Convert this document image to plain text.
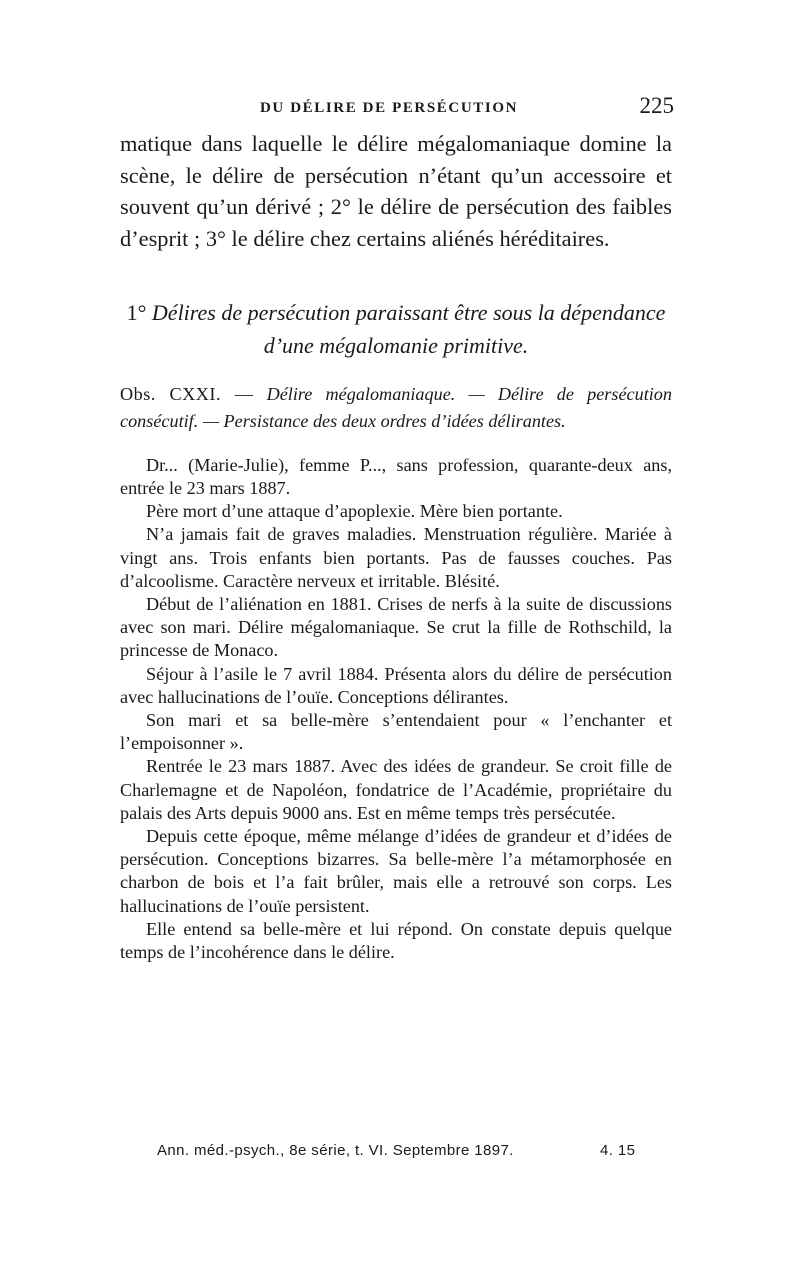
DU DÉLIRE DE PERSÉCUTION	225

matique dans laquelle le délire mégalomaniaque domine la scène, le délire de persécution n’étant qu’un accessoire et souvent qu’un dérivé ; 2° le délire de persécution des faibles d’esprit ; 3° le délire chez certains aliénés héréditaires.

1° Délires de persécution paraissant être sous la dépendance d’une mégalomanie primitive.

Obs. CXXI. — Délire mégalomaniaque. — Délire de persécution consécutif. — Persistance des deux ordres d’idées délirantes.

Dr... (Marie-Julie), femme P..., sans profession, quarante-deux ans, entrée le 23 mars 1887.

Père mort d’une attaque d’apoplexie. Mère bien portante.

N’a jamais fait de graves maladies. Menstruation régulière. Mariée à vingt ans. Trois enfants bien portants. Pas de fausses couches. Pas d’alcoolisme. Caractère nerveux et irritable. Blésité.

Début de l’aliénation en 1881. Crises de nerfs à la suite de discussions avec son mari. Délire mégalomaniaque. Se crut la fille de Rothschild, la princesse de Monaco.

Séjour à l’asile le 7 avril 1884. Présenta alors du délire de persécution avec hallucinations de l’ouïe. Conceptions délirantes.

Son mari et sa belle-mère s’entendaient pour « l’enchanter et l’empoisonner ».

Rentrée le 23 mars 1887. Avec des idées de grandeur. Se croit fille de Charlemagne et de Napoléon, fondatrice de l’Académie, propriétaire du palais des Arts depuis 9000 ans. Est en même temps très persécutée.

Depuis cette époque, même mélange d’idées de grandeur et d’idées de persécution. Conceptions bizarres. Sa belle-mère l’a métamorphosée en charbon de bois et l’a fait brûler, mais elle a retrouvé son corps. Les hallucinations de l’ouïe persistent.

Elle entend sa belle-mère et lui répond. On constate depuis quelque temps de l’incohérence dans le délire.

Ann. méd.-psych., 8e série, t. VI. Septembre 1897.	4. 15
